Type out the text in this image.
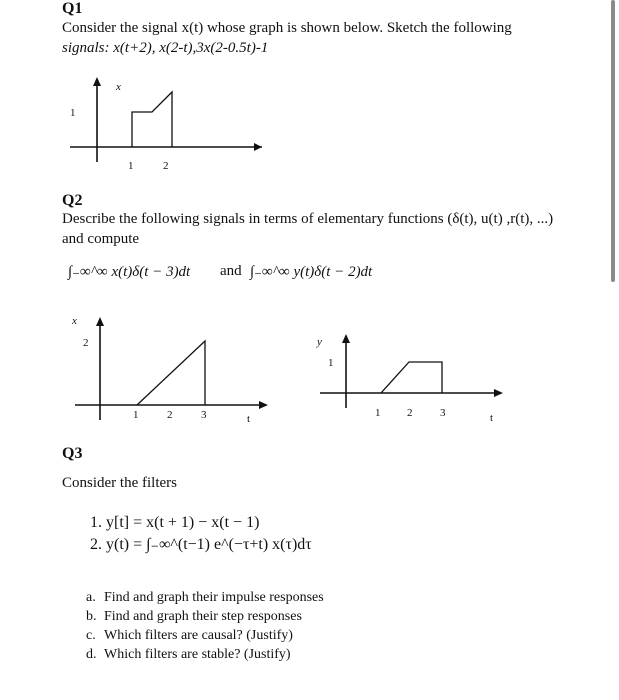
Q1
Consider the signal x(t) whose graph is shown below. Sketch the following
signals: x(t+2), x(2-t),3x(2-0.5t)-1
x
1
1	2
Q2
Describe the following signals in terms of elementary functions (δ(t), u(t) ,r(t), ...)
and compute
∫₋∞^∞ x(t)δ(t − 3)dt and ∫₋∞^∞ y(t)δ(t − 2)dt
x
2
1	2	3	t
y
1
1 2	3	t
Q3
Consider the filters
1. y[t] = x(t + 1) − x(t − 1)
2. y(t) = ∫₋∞^(t−1) e^(−τ+t) x(τ)dτ
a. Find and graph their impulse responses
b. Find and graph their step responses
c. Which filters are causal? (Justify)
d. Which filters are stable? (Justify)
